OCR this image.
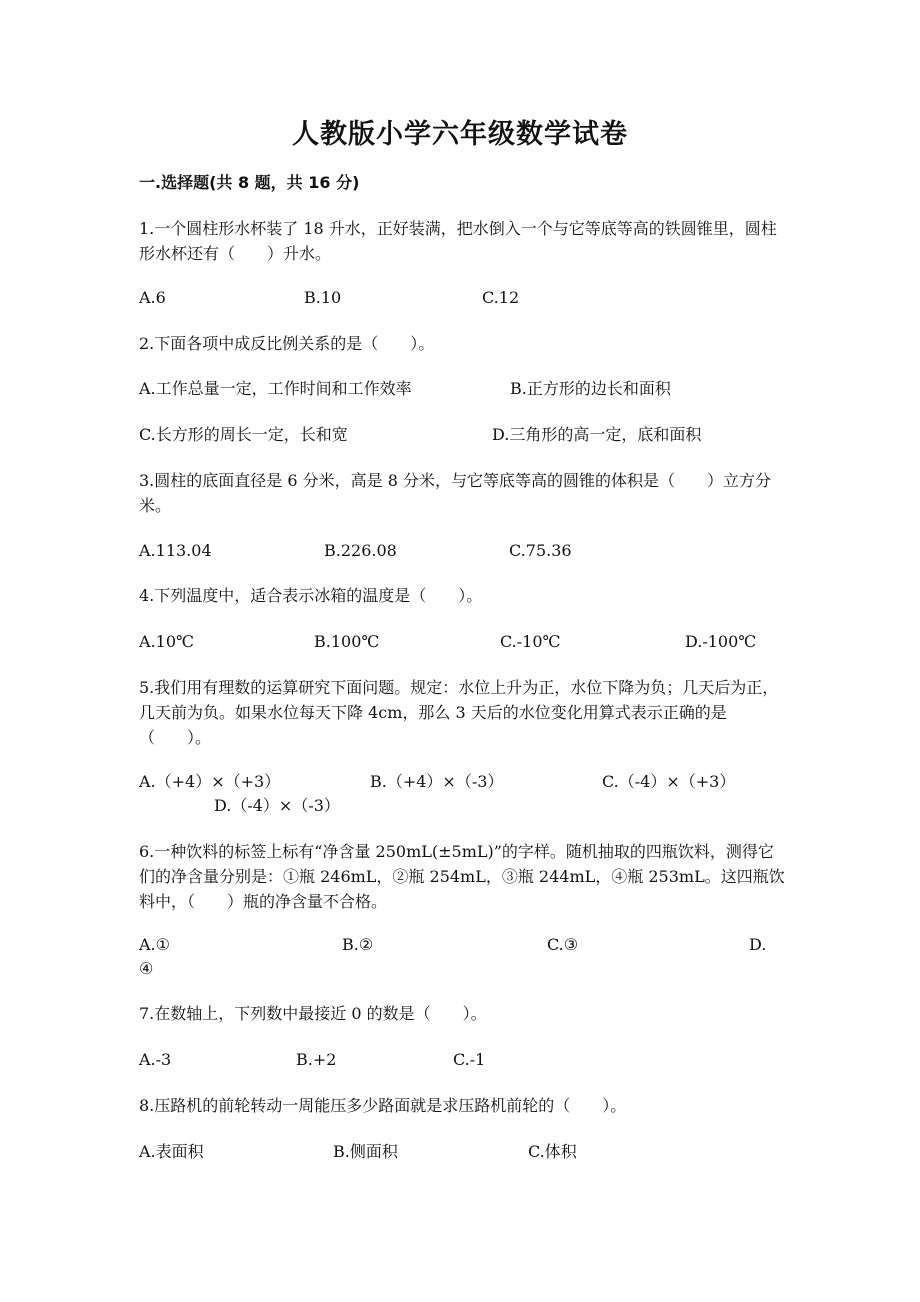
人教版小学六年级数学试卷
一.选择题(共 8 题，共 16 分)
1.一个圆柱形水杯装了 18 升水，正好装满，把水倒入一个与它等底等高的铁圆锥里，圆柱形水杯还有（　　）升水。
A.6	B.10	C.12
2.下面各项中成反比例关系的是（　　）。
A.工作总量一定，工作时间和工作效率	B.正方形的边长和面积
C.长方形的周长一定，长和宽	D.三角形的高一定，底和面积
3.圆柱的底面直径是 6 分米，高是 8 分米，与它等底等高的圆锥的体积是（　　）立方分米。
A.113.04	B.226.08	C.75.36
4.下列温度中，适合表示冰箱的温度是（　　）。
A.10℃	B.100℃	C.-10℃	D.-100℃
5.我们用有理数的运算研究下面问题。规定：水位上升为正，水位下降为负；几天后为正，几天前为负。如果水位每天下降 4cm，那么 3 天后的水位变化用算式表示正确的是（　　）。
A.（+4）×（+3）	B.（+4）×（-3）	C.（-4）×（+3）
D.（-4）×（-3）
6.一种饮料的标签上标有“净含量 250mL(±5mL)”的字样。随机抽取的四瓶饮料，测得它们的净含量分别是：①瓶 246mL，②瓶 254mL，③瓶 244mL，④瓶 253mL。这四瓶饮料中，（　　）瓶的净含量不合格。
A.①	B.②	C.③	D.
④
7.在数轴上，下列数中最接近 0 的数是（　　）。
A.-3	B.+2	C.-1
8.压路机的前轮转动一周能压多少路面就是求压路机前轮的（　　）。
A.表面积	B.侧面积	C.体积
